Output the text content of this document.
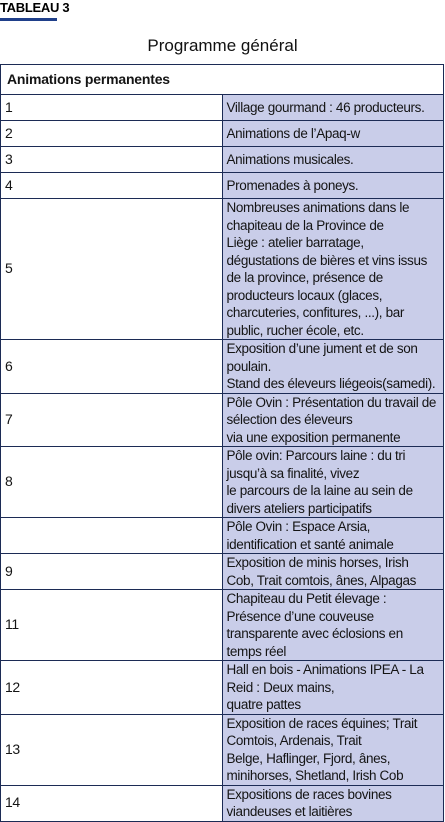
TABLEAU 3
Programme général
Animations permanentes	
1	Village gourmand : 46 producteurs.
2	Animations de l’Apaq-w
3	Animations musicales.
4	Promenades à poneys.
5	Nombreuses animations dans le chapiteau de la Province de
Liège : atelier barratage, dégustations de bières et vins issus
de la province, présence de producteurs locaux (glaces,
charcuteries, confitures, ...), bar public, rucher école, etc.
6	Exposition d’une jument et de son poulain.
Stand des éleveurs liégeois(samedi).
7	Pôle Ovin : Présentation du travail de sélection des éleveurs
via une exposition permanente
8	Pôle ovin: Parcours laine : du tri jusqu’à sa finalité, vivez
le parcours de la laine au sein de divers ateliers participatifs
	Pôle Ovin : Espace Arsia, identification et santé animale
9	Exposition de minis horses, Irish Cob, Trait comtois, ânes, Alpagas
11	Chapiteau du Petit élevage : Présence d’une couveuse
transparente avec éclosions en temps réel
12	Hall en bois - Animations IPEA - La Reid : Deux mains,
quatre pattes
13	Exposition de races équines; Trait Comtois, Ardenais, Trait
Belge, Haflinger, Fjord, ânes, minihorses, Shetland, Irish Cob
14	Expositions de races bovines viandeuses et laitières
